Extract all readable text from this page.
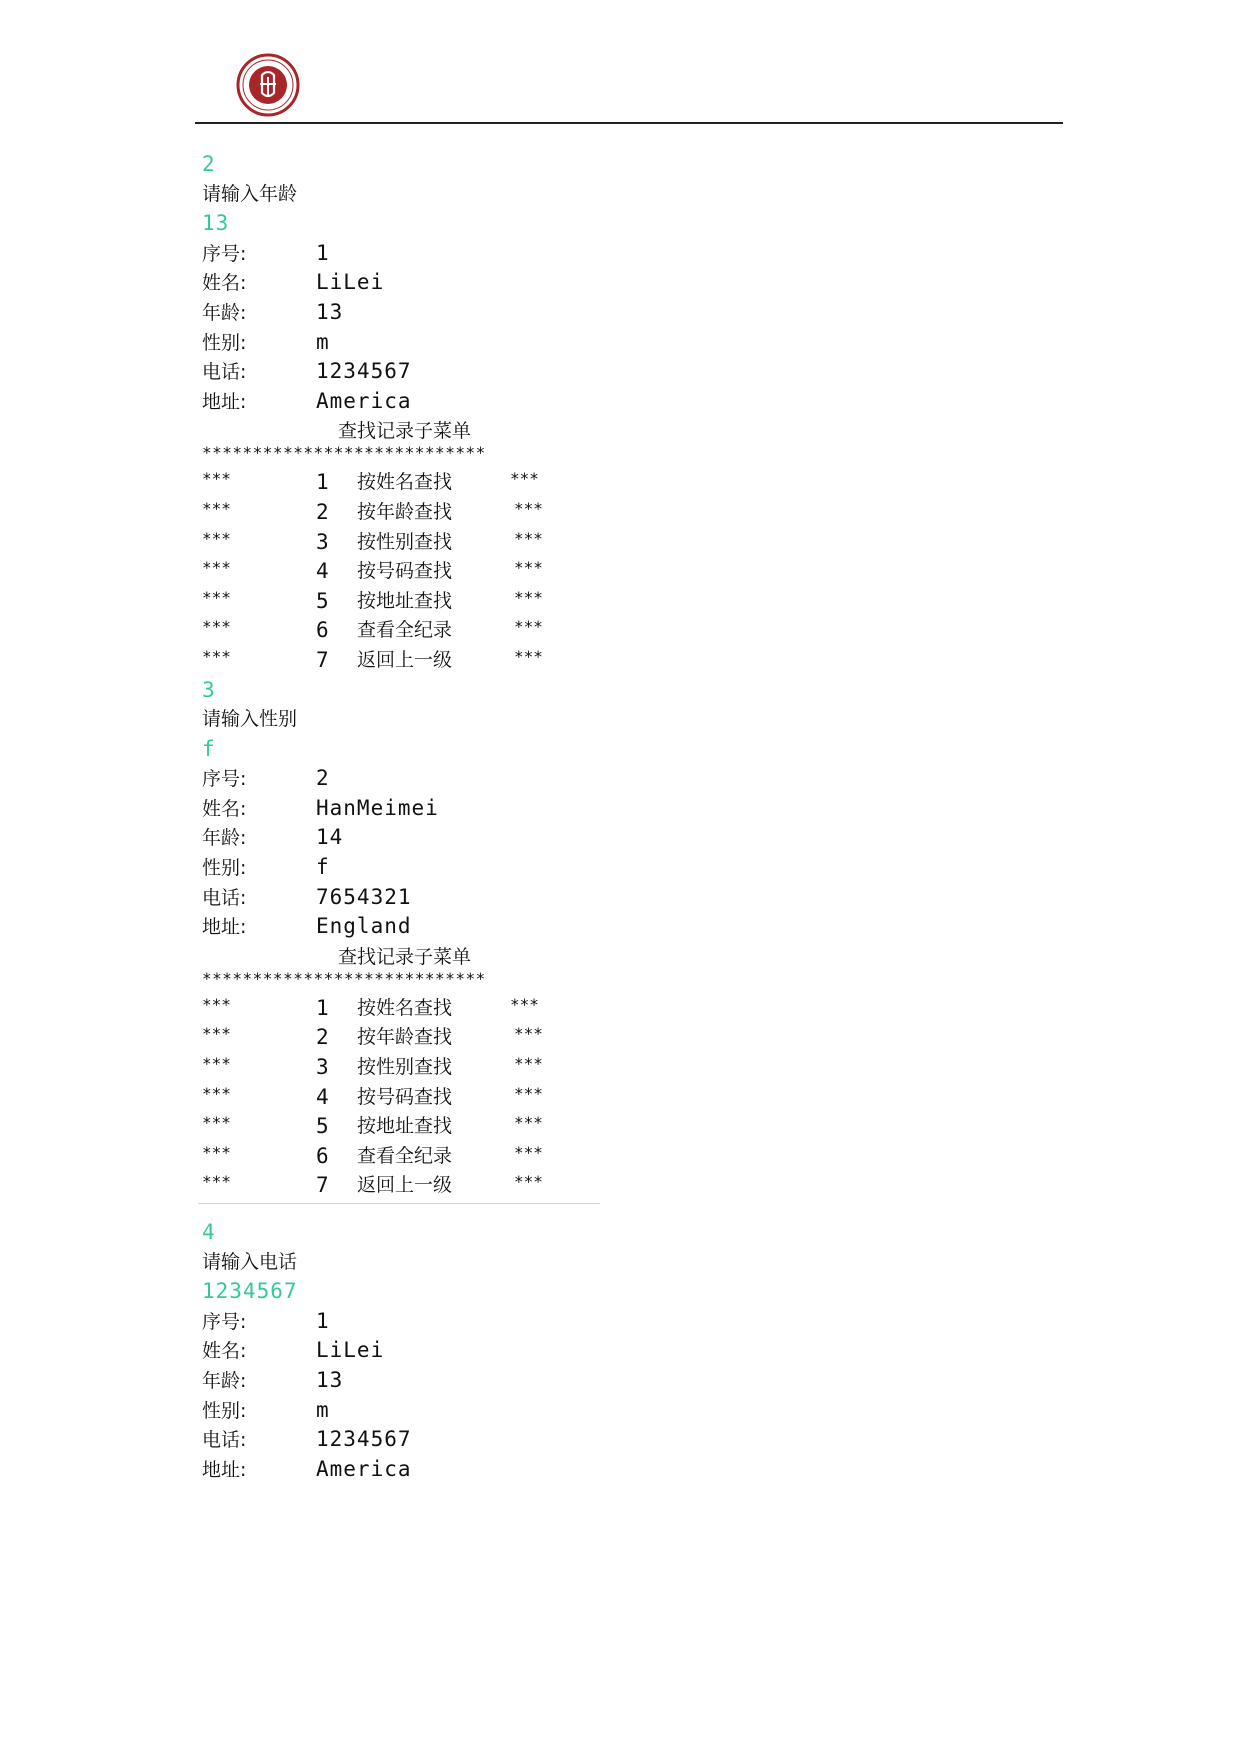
· · · · ·
2
请输入年龄
13
序号:	1
姓名:	LiLei
年龄:	13
性别:	m
电话:	1234567
地址:	America
查找记录子菜单
****************************
***	1 按姓名查找	***
***	2 按年龄查找	***
***	3 按性别查找	***
***	4 按号码查找	***
***	5 按地址查找	***
***	6 查看全纪录	***
***	7 返回上一级	***
3
请输入性别
f
序号:	2
姓名:	HanMeimei
年龄:	14
性别:	f
电话:	7654321
地址:	England
查找记录子菜单
****************************
***	1 按姓名查找	***
***	2 按年龄查找	***
***	3 按性别查找	***
***	4 按号码查找	***
***	5 按地址查找	***
***	6 查看全纪录	***
***	7 返回上一级	***
4
请输入电话
1234567
序号:	1
姓名:	LiLei
年龄:	13
性别:	m
电话:	1234567
地址:	America
